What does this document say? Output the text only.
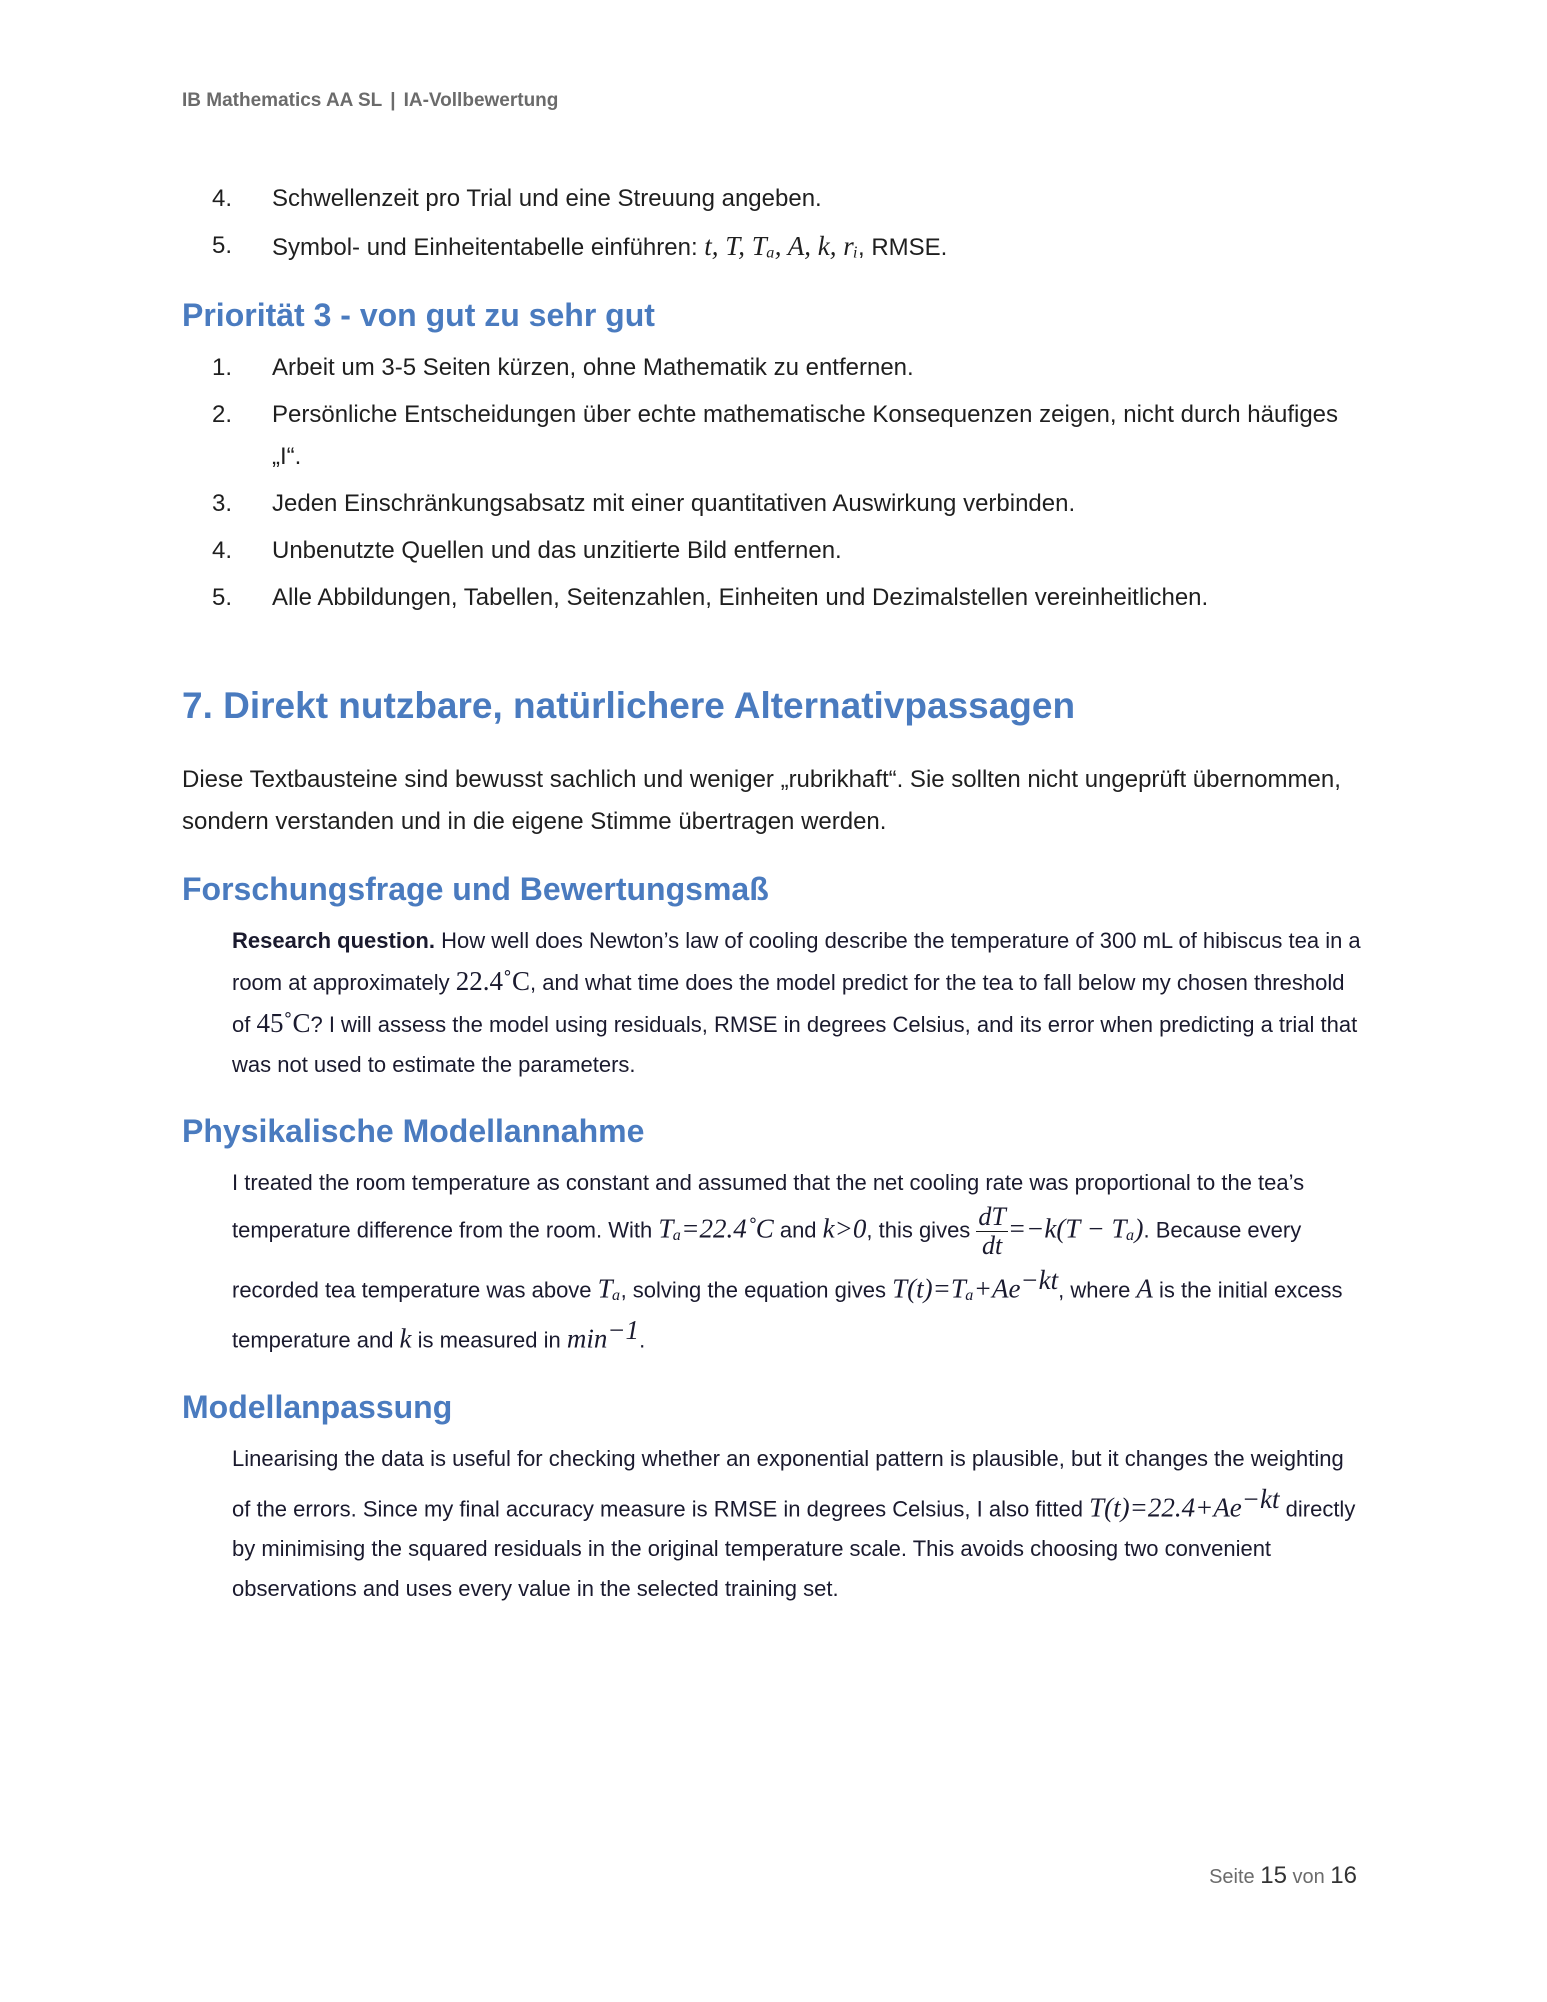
IB Mathematics AA SL | IA-Vollbewertung
4. Schwellenzeit pro Trial und eine Streuung angeben.
5. Symbol- und Einheitentabelle einführen: t, T, Tₐ, A, k, rᵢ, RMSE.
Priorität 3 - von gut zu sehr gut
1. Arbeit um 3-5 Seiten kürzen, ohne Mathematik zu entfernen.
2. Persönliche Entscheidungen über echte mathematische Konsequenzen zeigen, nicht durch häufiges „I“.
3. Jeden Einschränkungsabsatz mit einer quantitativen Auswirkung verbinden.
4. Unbenutzte Quellen und das unzitierte Bild entfernen.
5. Alle Abbildungen, Tabellen, Seitenzahlen, Einheiten und Dezimalstellen vereinheitlichen.
7. Direkt nutzbare, natürlichere Alternativpassagen

Diese Textbausteine sind bewusst sachlich und weniger „rubrikhaft“. Sie sollten nicht ungeprüft übernommen, sondern verstanden und in die eigene Stimme übertragen werden.

Forschungsfrage und Bewertungsmaß

Research question. How well does Newton’s law of cooling describe the temperature of 300 mL of hibiscus tea in a room at approximately 22.4˚C, and what time does the model predict for the tea to fall below my chosen threshold of 45˚C? I will assess the model using residuals, RMSE in degrees Celsius, and its error when predicting a trial that was not used to estimate the parameters.

Physikalische Modellannahme

I treated the room temperature as constant and assumed that the net cooling rate was proportional to the tea’s temperature difference from the room. With Tₐ=22.4˚C and k>0, this gives $\frac{dT}{dt} =-k(T - T_a)$. Because every recorded tea temperature was above Tₐ, solving the equation gives $T(t)=T_a+Ae^{-kt}$, where A is the initial excess temperature and k is measured in $\min^{-1}$.

Modellanpassung

Linearising the data is useful for checking whether an exponential pattern is plausible, but it changes the weighting of the errors. Since my final accuracy measure is RMSE in degrees Celsius, I also fitted $T(t)=22.4+Ae^{-kt}$ directly by minimising the squared residuals in the original temperature scale. This avoids choosing two convenient observations and uses every value in the selected training set.

Seite 15 von 16
